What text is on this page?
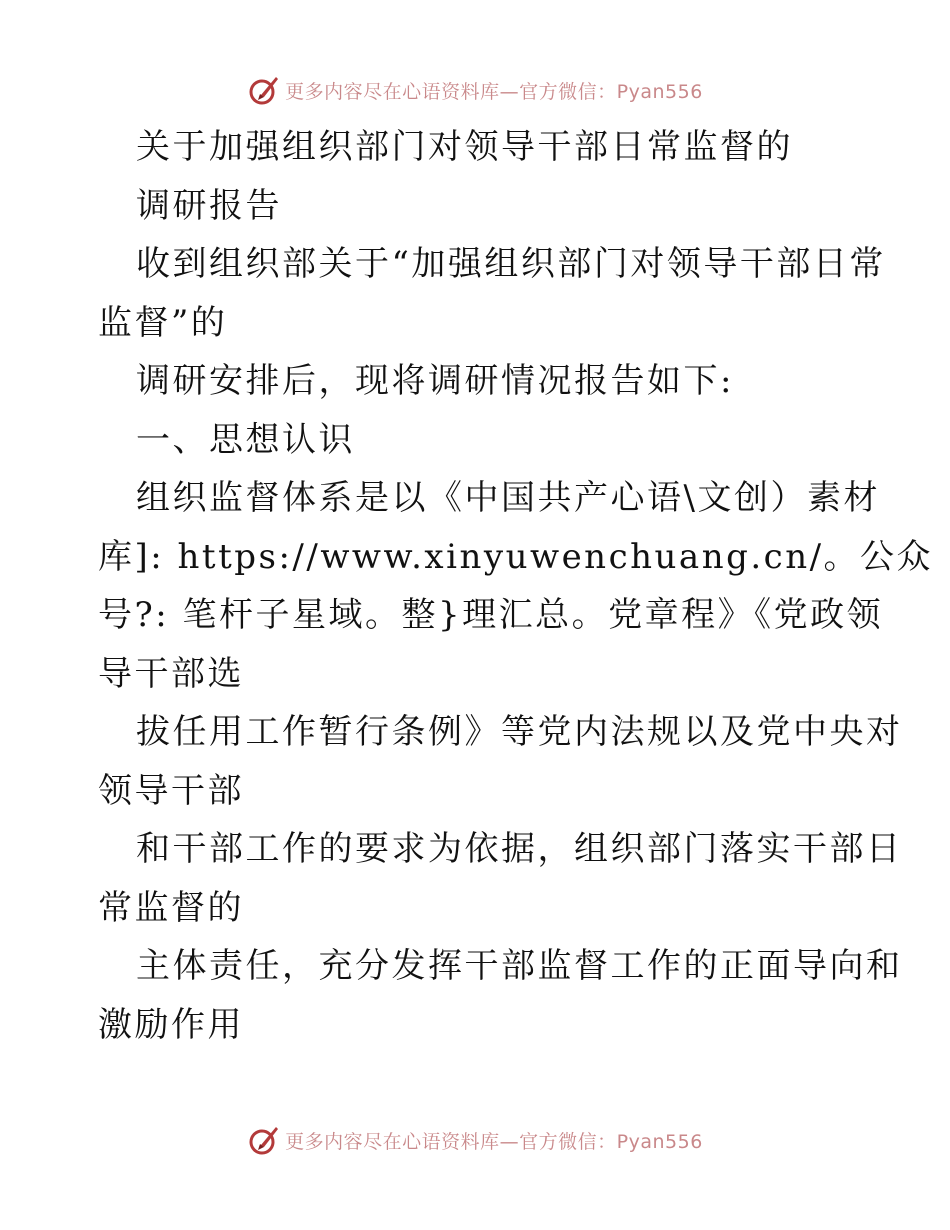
更多内容尽在心语资料库—官方微信：Pyan556
关于加强组织部门对领导干部日常监督的
调研报告
收到组织部关于“加强组织部门对领导干部日常
监督”的
调研安排后，现将调研情况报告如下:
一、思想认识
组织监督体系是以《中国共产心语\文创）素材
库]: https://www.xinyuwenchuang.cn/。公众
号?: 笔杆子星域。整}理汇总。党章程》《党政领
导干部选
拔任用工作暂行条例》等党内法规以及党中央对
领导干部
和干部工作的要求为依据，组织部门落实干部日
常监督的
主体责任，充分发挥干部监督工作的正面导向和
激励作用
更多内容尽在心语资料库—官方微信：Pyan556
